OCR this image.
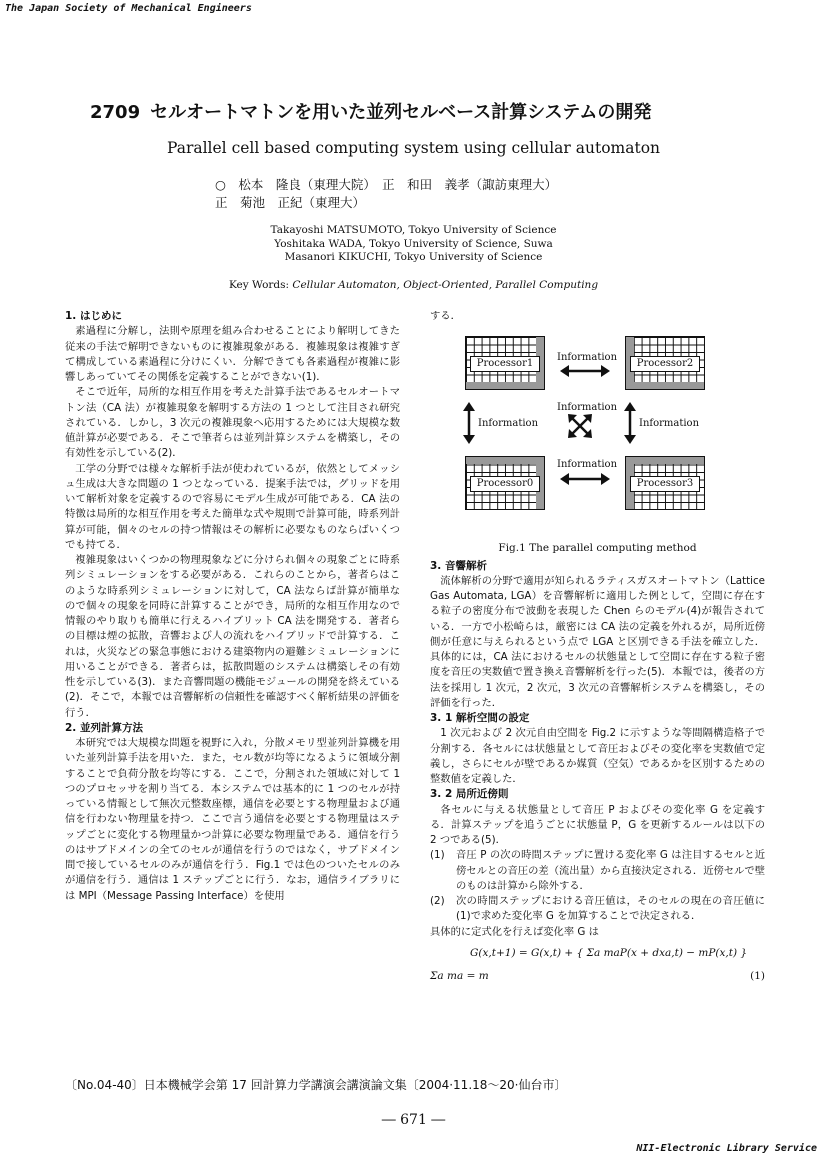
The Japan Society of Mechanical Engineers
2709 セルオートマトンを用いた並列セルベース計算システムの開発
Parallel cell based computing system using cellular automaton
○　松本　隆良（東理大院）　正　和田　義孝（諏訪東理大）
正　菊池　正紀（東理大）
Takayoshi MATSUMOTO, Tokyo University of Science
Yoshitaka WADA, Tokyo University of Science, Suwa
Masanori KIKUCHI, Tokyo University of Science
Key Words: Cellular Automaton, Object-Oriented, Parallel Computing
1. はじめに

素過程に分解し，法則や原理を組み合わせることにより解明してきた従来の手法で解明できないものに複雑現象がある．複雑現象は複雑すぎて構成している素過程に分けにくい．分解できても各素過程が複雑に影響しあっていてその関係を定義することができない(1)．

そこで近年，局所的な相互作用を考えた計算手法であるセルオートマトン法（CA 法）が複雑現象を解明する方法の 1 つとして注目され研究されている．しかし，3 次元の複雑現象へ応用するためには大規模な数値計算が必要である．そこで筆者らは並列計算システムを構築し，その有効性を示している(2)．

工学の分野では様々な解析手法が使われているが，依然としてメッシュ生成は大きな問題の 1 つとなっている．提案手法では，グリッドを用いて解析対象を定義するので容易にモデル生成が可能である．CA 法の特徴は局所的な相互作用を考えた簡単な式や規則で計算可能，時系列計算が可能，個々のセルの持つ情報はその解析に必要なものならばいくつでも持てる．

複雑現象はいくつかの物理現象などに分けられ個々の現象ごとに時系列シミュレーションをする必要がある．これらのことから，著者らはこのような時系列シミュレーションに対して，CA 法ならば計算が簡単なので個々の現象を同時に計算することができ，局所的な相互作用なので情報のやり取りも簡単に行えるハイブリット CA 法を開発する．著者らの目標は煙の拡散，音響および人の流れをハイブリッドで計算する．これは，火災などの緊急事態における建築物内の避難シミュレーションに用いることができる．著者らは，拡散問題のシステムは構築しその有効性を示している(3)．また音響問題の機能モジュールの開発を終えている(2)．そこで，本報では音響解析の信頼性を確認すべく解析結果の評価を行う．

2. 並列計算方法

本研究では大規模な問題を視野に入れ，分散メモリ型並列計算機を用いた並列計算手法を用いた．また，セル数が均等になるように領域分割することで負荷分散を均等にする．ここで，分割された領域に対して 1 つのプロセッサを割り当てる．本システムでは基本的に 1 つのセルが持っている情報として無次元整数座標，通信を必要とする物理量および通信を行わない物理量を持つ．ここで言う通信を必要とする物理量はステップごとに変化する物理量かつ計算に必要な物理量である．通信を行うのはサブドメインの全てのセルが通信を行うのではなく，サブドメイン間で接しているセルのみが通信を行う．Fig.1 では色のついたセルのみが通信を行う．通信は 1 ステップごとに行う．なお，通信ライブラリには MPI（Message Passing Interface）を使用

する．

Processor1	Processor2
Processor0	Processor3
Information
Information
Information	Information
Information
Fig.1 The parallel computing method
3. 音響解析

流体解析の分野で適用が知られるラティスガスオートマトン（Lattice Gas Automata, LGA）を音響解析に適用した例として，空間に存在する粒子の密度分布で波動を表現した Chen らのモデル(4)が報告されている．一方で小松崎らは，厳密には CA 法の定義を外れるが，局所近傍側が任意に与えられるという点で LGA と区別できる手法を確立した．具体的には，CA 法におけるセルの状態量として空間に存在する粒子密度を音圧の実数値で置き換え音響解析を行った(5)．本報では，後者の方法を採用し 1 次元，2 次元，3 次元の音響解析システムを構築し，その評価を行った．

3. 1 解析空間の設定

1 次元および 2 次元自由空間を Fig.2 に示すような等間隔構造格子で分割する．各セルには状態量として音圧およびその変化率を実数値で定義し，さらにセルが壁であるか媒質（空気）であるかを区別するための整数値を定義した．

3. 2 局所近傍則

各セルに与える状態量として音圧 P およびその変化率 G を定義する．計算ステップを追うごとに状態量 P，G を更新するルールは以下の 2 つである(5)．

(1)	音圧 P の次の時間ステップに置ける変化率 G は注目するセルと近傍セルとの音圧の差（流出量）から直接決定される．近傍セルで壁のものは計算から除外する．
(2)	次の時間ステップにおける音圧値は，そのセルの現在の音圧値に(1)で求めた変化率 G を加算することで決定される．

具体的に定式化を行えば変化率 G は

G(x,t+1) = G(x,t) + { Σa maP(x + dxa,t) − mP(x,t) }
Σa ma = m	(1)
〔No.04-40〕日本機械学会第 17 回計算力学講演会講演論文集〔2004·11.18～20·仙台市〕
― 671 ―
NII-Electronic Library Service
